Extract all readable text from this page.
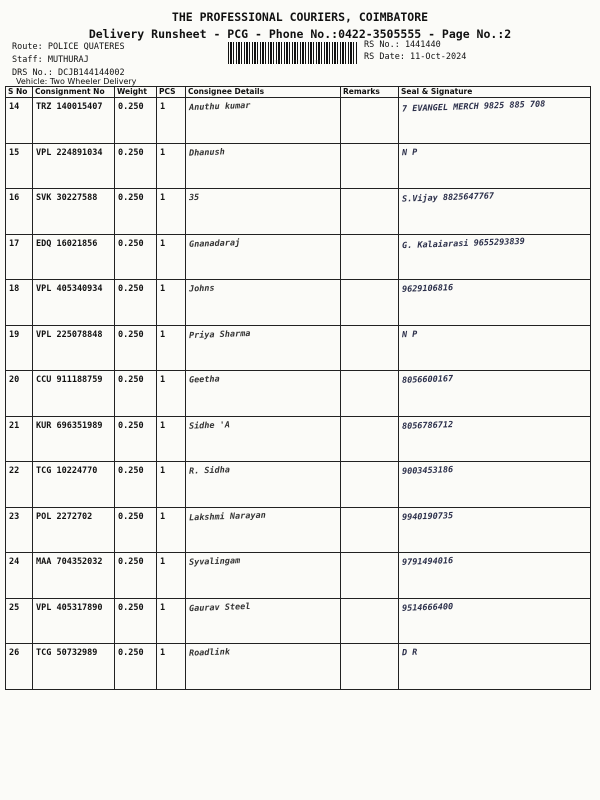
THE PROFESSIONAL COURIERS, COIMBATORE
Delivery Runsheet - PCG - Phone No.:0422-3505555 - Page No.:2
Route: POLICE QUATERES
Staff: MUTHURAJ
DRS No.: DCJB144144002
Vehicle: Two Wheeler Delivery
RS No.: 1441440
RS Date: 11-Oct-2024
S No	Consignment No	Weight	PCS	Consignee Details	Remarks	Seal & Signature
14	TRZ 140015407	0.250	1	Anuthu kumar		7 EVANGEL MERCH 9825 885 708
15	VPL 224891034	0.250	1	Dhanush		N P
16	SVK 30227588	0.250	1	35		S.Vijay 8825647767
17	EDQ 16021856	0.250	1	Gnanadaraj		G. Kalaiarasi 9655293839
18	VPL 405340934	0.250	1	Johns		9629106816
19	VPL 225078848	0.250	1	Priya Sharma		N P
20	CCU 911188759	0.250	1	Geetha		8056600167
21	KUR 696351989	0.250	1	Sidhe 'A		8056786712
22	TCG 10224770	0.250	1	R. Sidha		9003453186
23	POL 2272702	0.250	1	Lakshmi Narayan		9940190735
24	MAA 704352032	0.250	1	Syvalingam		9791494016
25	VPL 405317890	0.250	1	Gaurav Steel		9514666400
26	TCG 50732989	0.250	1	Roadlink		D R
